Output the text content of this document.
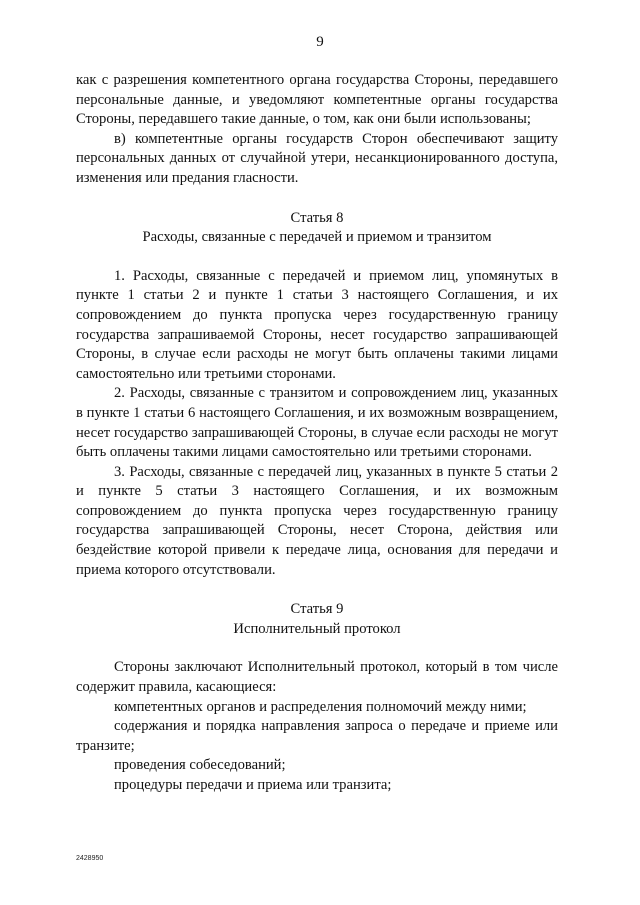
9

как с разрешения компетентного органа государства Стороны, передавшего персональные данные, и уведомляют компетентные органы государства Стороны, передавшего такие данные, о том, как они были использованы;

в) компетентные органы государств Сторон обеспечивают защиту персональных данных от случайной утери, несанкционированного доступа, изменения или предания гласности.

Статья 8

Расходы, связанные с передачей и приемом и транзитом

1. Расходы, связанные с передачей и приемом лиц, упомянутых в пункте 1 статьи 2 и пункте 1 статьи 3 настоящего Соглашения, и их сопровождением до пункта пропуска через государственную границу государства запрашиваемой Стороны, несет государство запрашивающей Стороны, в случае если расходы не могут быть оплачены такими лицами самостоятельно или третьими сторонами.

2. Расходы, связанные с транзитом и сопровождением лиц, указанных в пункте 1 статьи 6 настоящего Соглашения, и их возможным возвращением, несет государство запрашивающей Стороны, в случае если расходы не могут быть оплачены такими лицами самостоятельно или третьими сторонами.

3. Расходы, связанные с передачей лиц, указанных в пункте 5 статьи 2 и пункте 5 статьи 3 настоящего Соглашения, и их возможным сопровождением до пункта пропуска через государственную границу государства запрашивающей Стороны, несет Сторона, действия или бездействие которой привели к передаче лица, основания для передачи и приема которого отсутствовали.

Статья 9

Исполнительный протокол

Стороны заключают Исполнительный протокол, который в том числе содержит правила, касающиеся:

компетентных органов и распределения полномочий между ними;

содержания и порядка направления запроса о передаче и приеме или транзите;

проведения собеседований;

процедуры передачи и приема или транзита;

2428950
